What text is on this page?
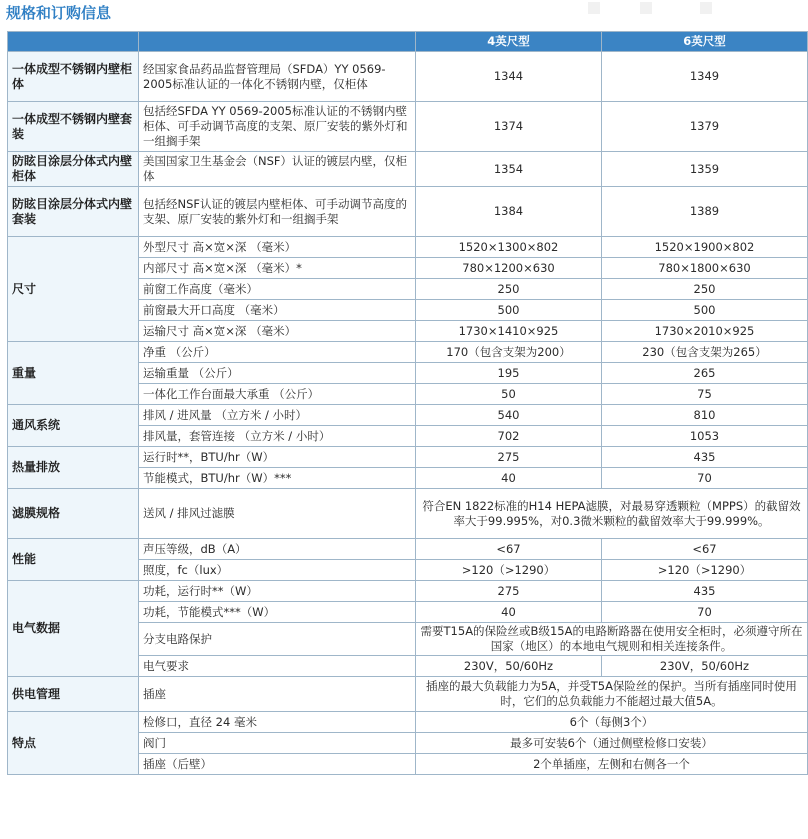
规格和订购信息
		4英尺型	6英尺型
一体成型不锈钢内壁柜体	经国家食品药品监督管理局（SFDA）YY 0569-2005标准认证的一体化不锈钢内壁，仅柜体	1344	1349
一体成型不锈钢内壁套装	包括经SFDA YY 0569-2005标准认证的不锈钢内壁柜体、可手动调节高度的支架、原厂安装的紫外灯和一组搁手架	1374	1379
防眩目涂层分体式内壁柜体	美国国家卫生基金会（NSF）认证的镀层内壁，仅柜体	1354	1359
防眩目涂层分体式内壁套装	包括经NSF认证的镀层内壁柜体、可手动调节高度的支架、原厂安装的紫外灯和一组搁手架	1384	1389
尺寸	外型尺寸 高×宽×深 （毫米）	1520×1300×802	1520×1900×802
	内部尺寸 高×宽×深 （毫米）*	780×1200×630	780×1800×630
	前窗工作高度（毫米）	250	250
	前窗最大开口高度 （毫米）	500	500
	运输尺寸 高×宽×深 （毫米）	1730×1410×925	1730×2010×925
重量	净重 （公斤）	170（包含支架为200）	230（包含支架为265）
	运输重量 （公斤）	195	265
	一体化工作台面最大承重 （公斤）	50	75
通风系统	排风 / 进风量 （立方米 / 小时）	540	810
	排风量，套管连接 （立方米 / 小时）	702	1053
热量排放	运行时**，BTU/hr（W）	275	435
	节能模式，BTU/hr（W）***	40	70
滤膜规格	送风 / 排风过滤膜	符合EN 1822标准的H14 HEPA滤膜，对最易穿透颗粒（MPPS）的截留效率大于99.995%，对0.3微米颗粒的截留效率大于99.999%。	
性能	声压等级，dB（A）	<67	<67
	照度，fc（lux）	>120（>1290）	>120（>1290）
电气数据	功耗，运行时**（W）	275	435
	功耗，节能模式***（W）	40	70
	分支电路保护	需要T15A的保险丝或B级15A的电路断路器在使用安全柜时，必须遵守所在国家（地区）的本地电气规则和相关连接条件。	
	电气要求	230V，50/60Hz	230V，50/60Hz
供电管理	插座	插座的最大负载能力为5A，并受T5A保险丝的保护。当所有插座同时使用时，它们的总负载能力不能超过最大值5A。	
特点	检修口，直径 24 毫米	6个（每侧3个）	
	阀门	最多可安装6个（通过侧壁检修口安装）	
	插座（后壁）	2个单插座，左侧和右侧各一个	
